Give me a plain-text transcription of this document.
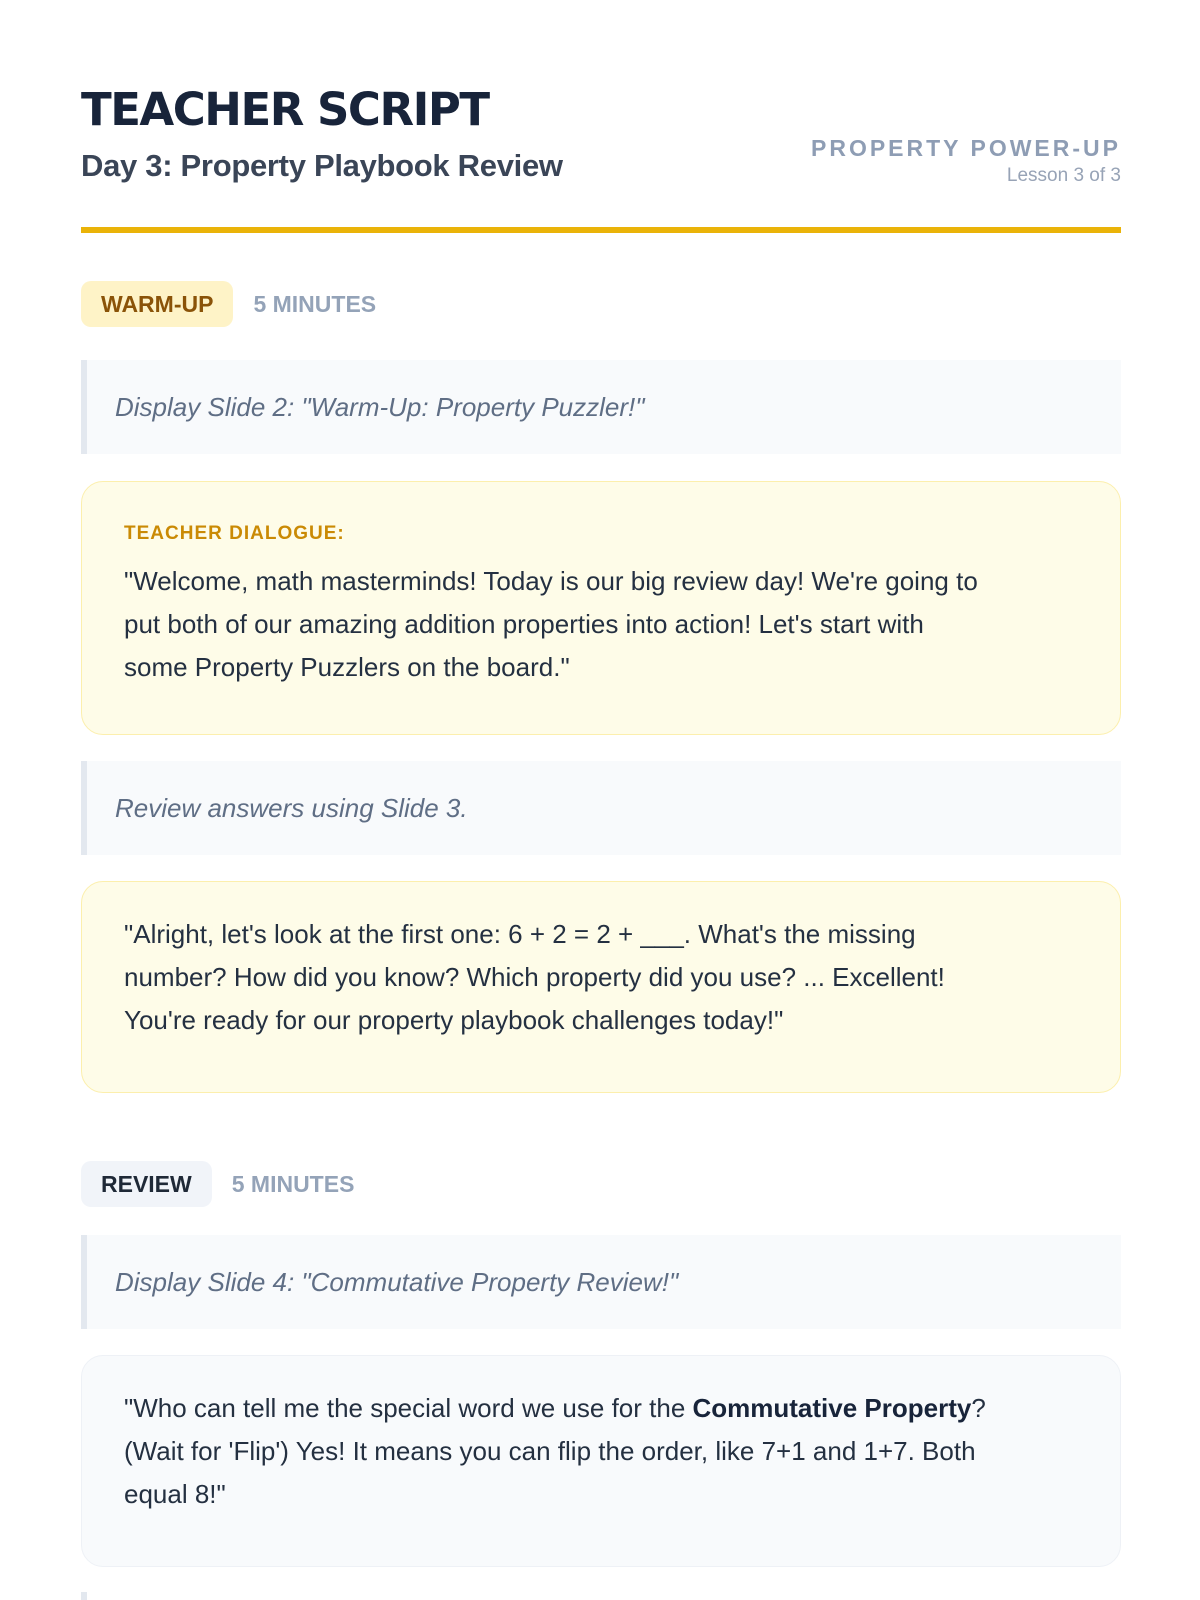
TEACHER SCRIPT
Day 3: Property Playbook Review	PROPERTY POWER-UP
Lesson 3 of 3
WARM-UP	5 MINUTES
Display Slide 2: "Warm-Up: Property Puzzler!"
TEACHER DIALOGUE:
"Welcome, math masterminds! Today is our big review day! We're going to
put both of our amazing addition properties into action! Let's start with
some Property Puzzlers on the board."
Review answers using Slide 3.
"Alright, let's look at the first one: 6 + 2 = 2 + ___. What's the missing
number? How did you know? Which property did you use? ... Excellent!
You're ready for our property playbook challenges today!"
REVIEW	5 MINUTES
Display Slide 4: "Commutative Property Review!"
"Who can tell me the special word we use for the Commutative Property?
(Wait for 'Flip') Yes! It means you can flip the order, like 7+1 and 1+7. Both
equal 8!"
